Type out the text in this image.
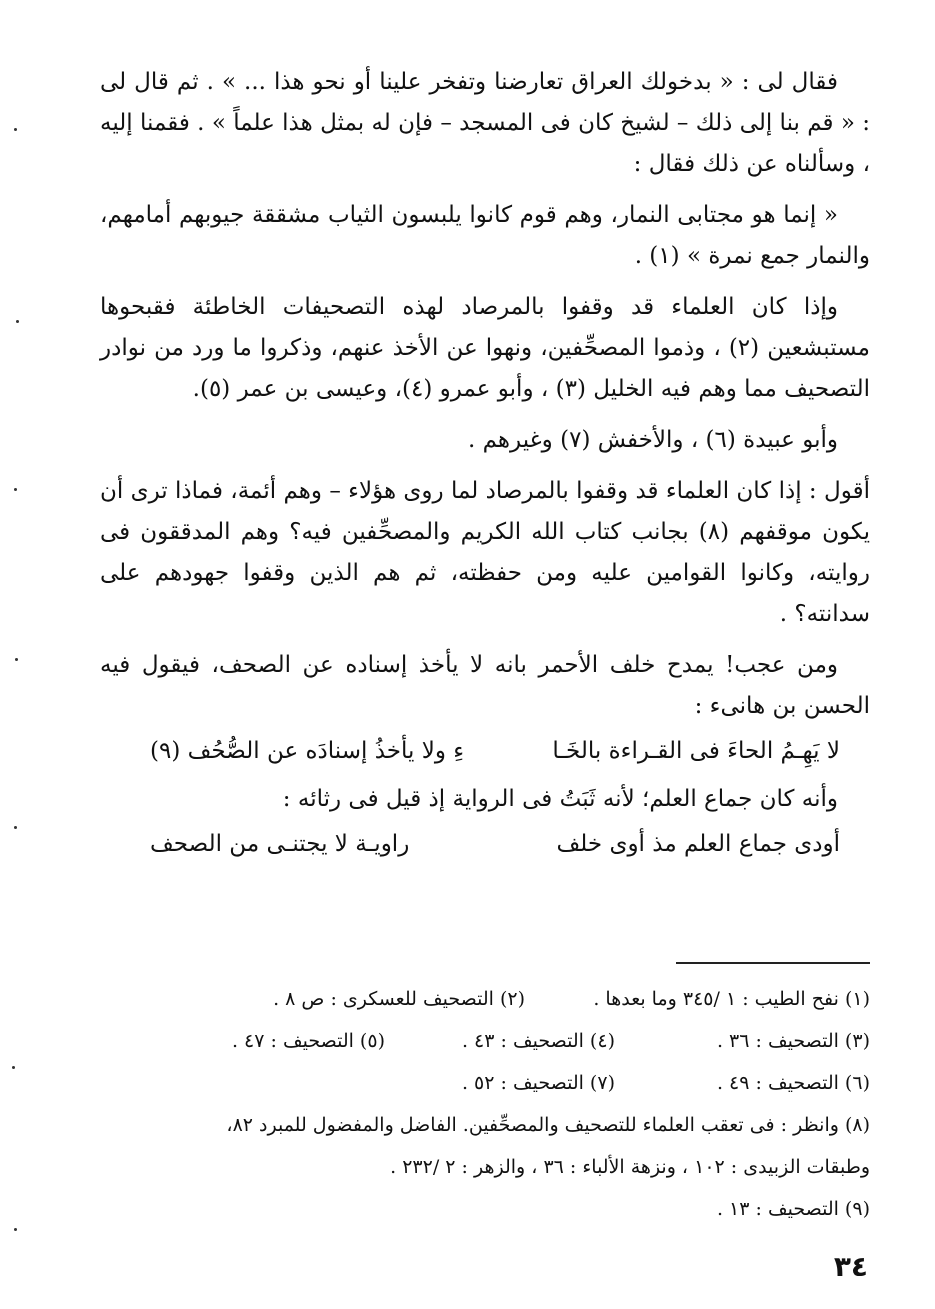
فقال لى : « بدخولك العراق تعارضنا وتفخر علينا أو نحو هذا ... » . ثم قال لى : « قم بنا إلى ذلك – لشيخ كان فى المسجد – فإن له بمثل هذا علماً » . فقمنا إليه ، وسألناه عن ذلك فقال :

« إنما هو مجتابى النمار، وهم قوم كانوا يلبسون الثياب مشققة جيوبهم أمامهم، والنمار جمع نمرة » (١) .

وإذا كان العلماء قد وقفوا بالمرصاد لهذه التصحيفات الخاطئة فقبحوها مستبشعين (٢) ، وذموا المصحِّفين، ونهوا عن الأخذ عنهم، وذكروا ما ورد من نوادر التصحيف مما وهم فيه الخليل (٣) ، وأبو عمرو (٤)، وعيسى بن عمر (٥).

وأبو عبيدة (٦) ، والأخفش (٧) وغيرهم .

أقول : إذا كان العلماء قد وقفوا بالمرصاد لما روى هؤلاء – وهم أئمة، فماذا ترى أن يكون موقفهم (٨) بجانب كتاب الله الكريم والمصحِّفين فيه؟ وهم المدققون فى روايته، وكانوا القوامين عليه ومن حفظته، ثم هم الذين وقفوا جهودهم على سدانته؟ .

ومن عجب! يمدح خلف الأحمر بانه لا يأخذ إسناده عن الصحف، فيقول فيه الحسن بن هانىء :

لا يَهِـمُ الحاءَ فى القـراءة بالخَـا
ءِ ولا يأخذُ إسنادَه عن الصُّحُف (٩)

وأنه كان جماع العلم؛ لأنه ثَبَتُ فى الرواية إذ قيل فى رثائه :

أودى جماع العلم مذ أوى خلف
راويـة لا يجتنـى من الصحف
(١) نفح الطيب : ١ /٣٤٥ وما بعدها .
(٢) التصحيف للعسكرى : ص ٨ .
(٣) التصحيف : ٣٦ .
(٤) التصحيف : ٤٣ .
(٥) التصحيف : ٤٧ .
(٦) التصحيف : ٤٩ .
(٧) التصحيف : ٥٢ .
(٨) وانظر : فى تعقب العلماء للتصحيف والمصحِّفين. الفاضل والمفضول للمبرد ٨٢،
وطبقات الزبيدى : ١٠٢ ، ونزهة الألباء : ٣٦ ، والزهر : ٢ /٢٣٢ .
(٩) التصحيف : ١٣ .
٣٤
